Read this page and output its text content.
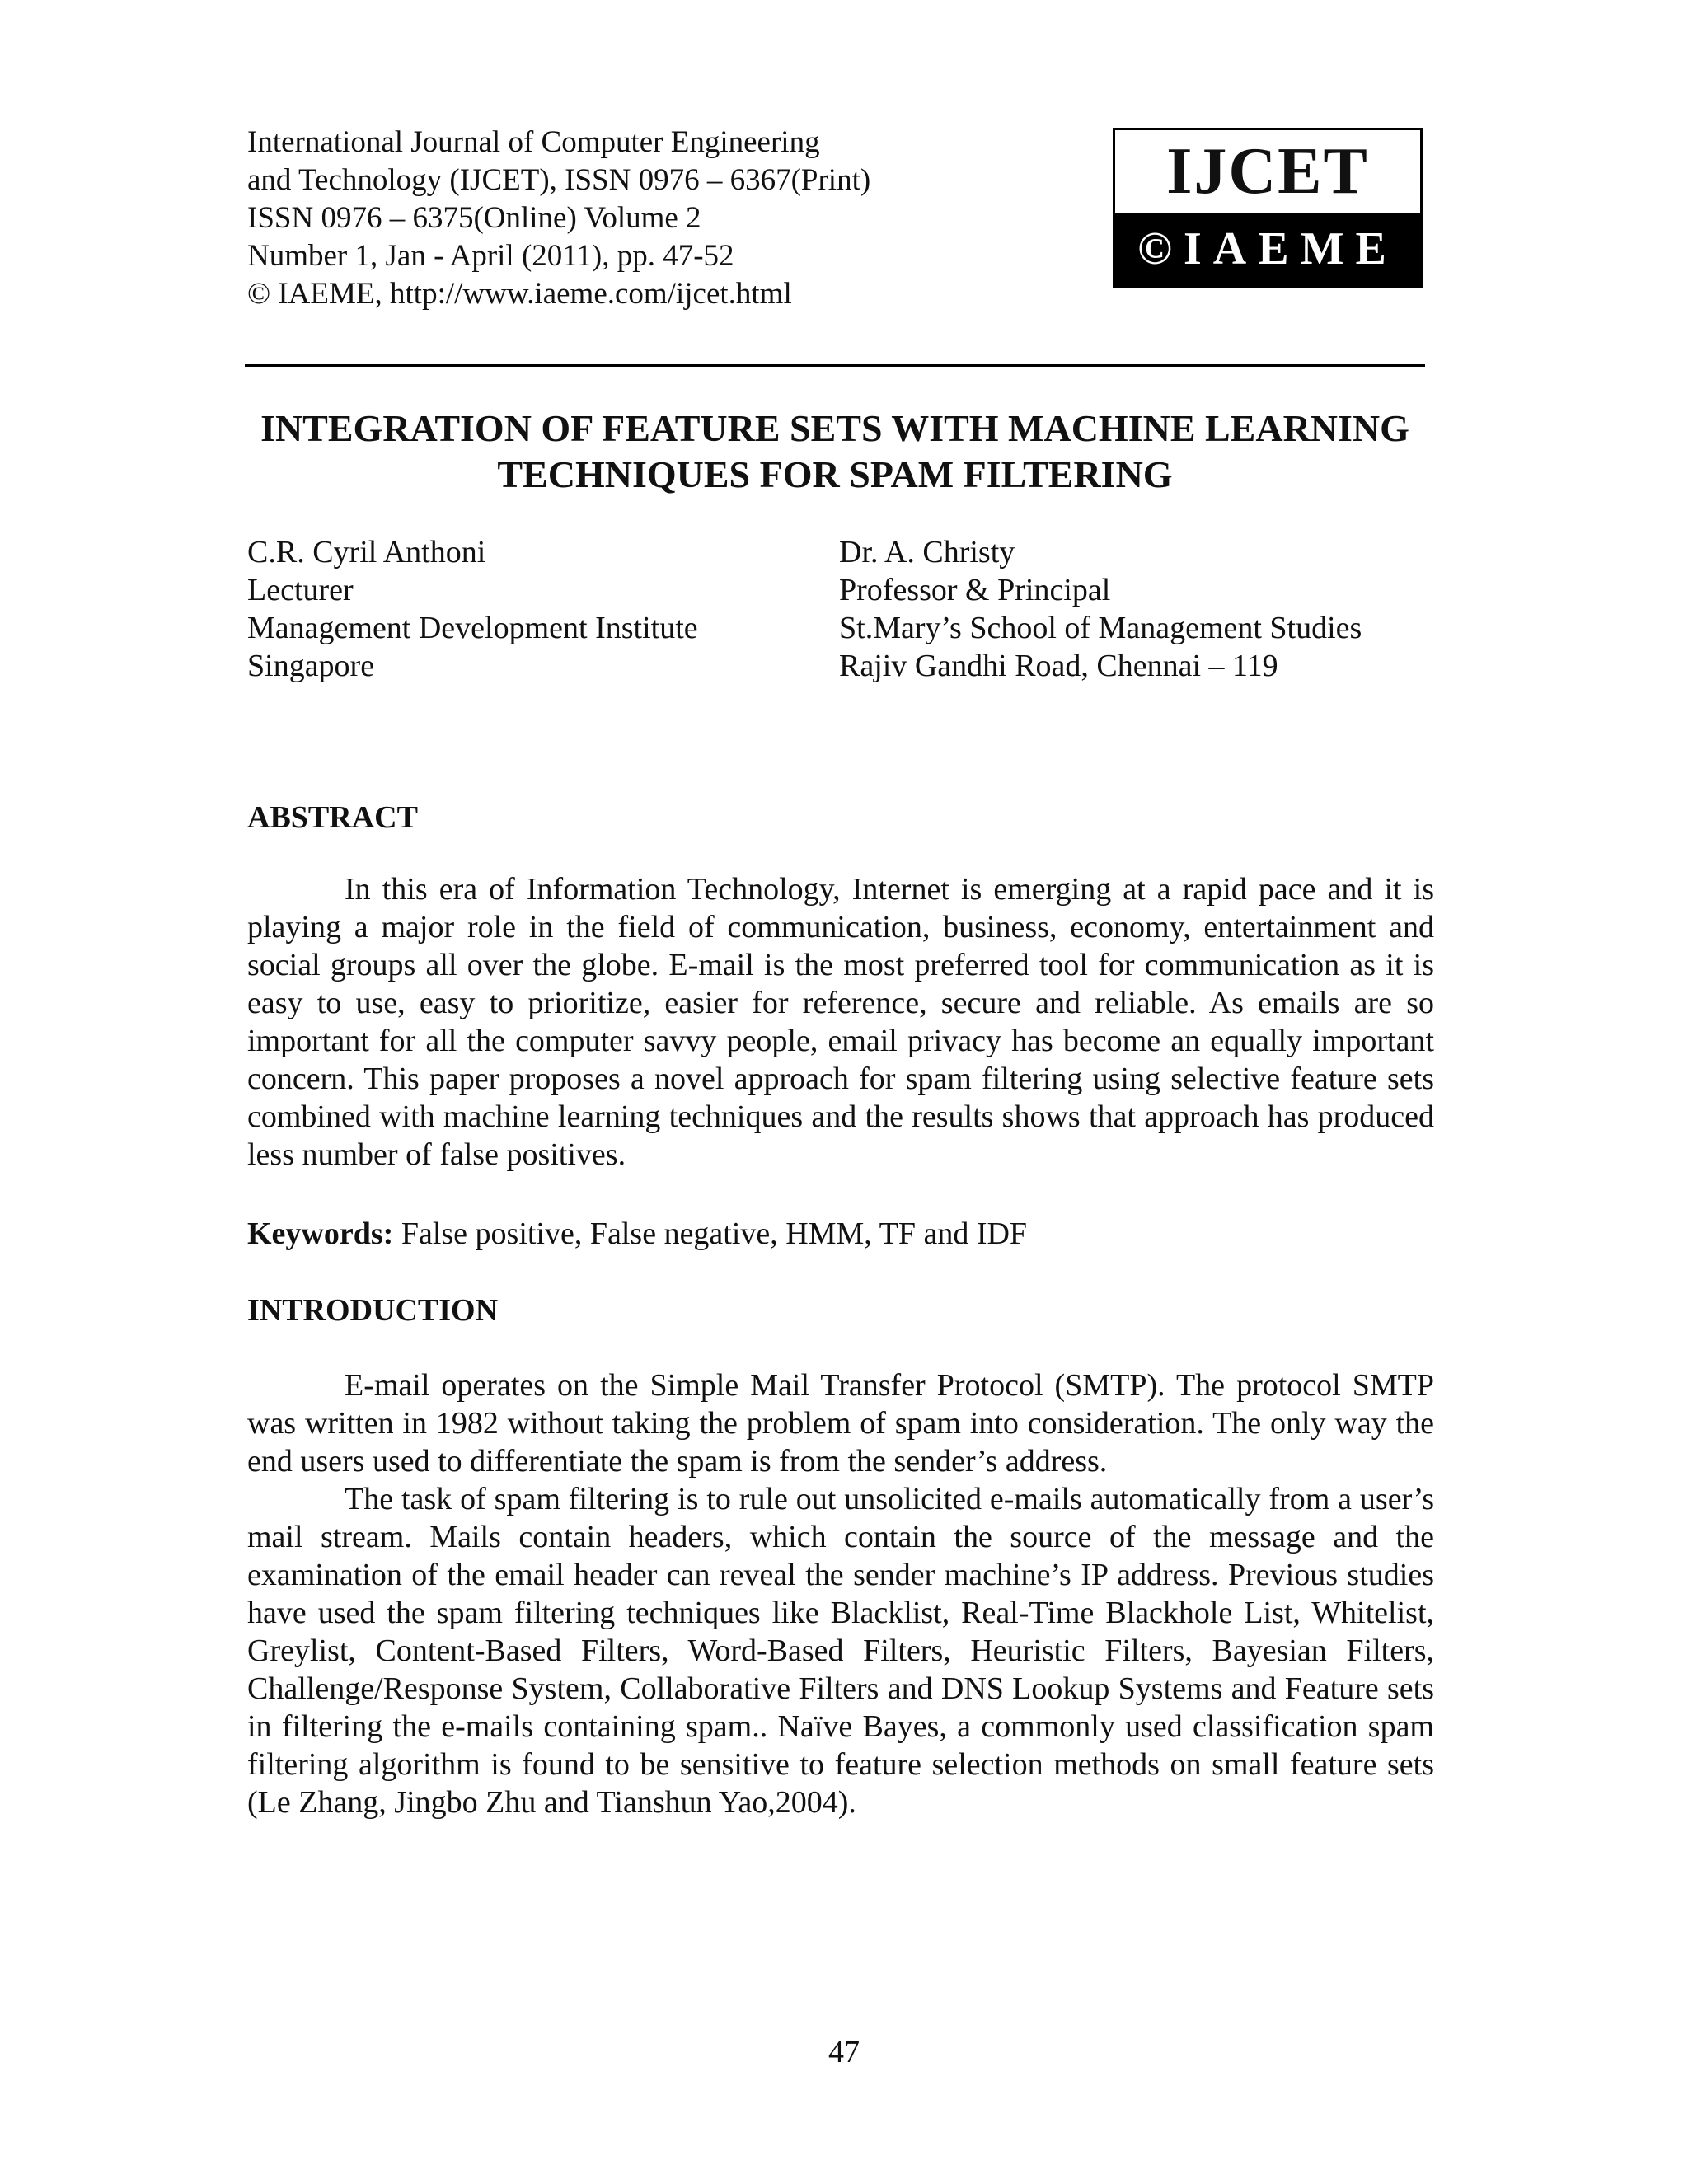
International Journal of Computer Engineering
and Technology (IJCET), ISSN 0976 – 6367(Print)
ISSN 0976 – 6375(Online) Volume 2
Number 1, Jan - April (2011), pp. 47-52
© IAEME, http://www.iaeme.com/ijcet.html
IJCET
©IAEME
INTEGRATION OF FEATURE SETS WITH MACHINE LEARNING
TECHNIQUES FOR SPAM FILTERING
C.R. Cyril Anthoni
Lecturer
Management Development Institute
Singapore
Dr. A. Christy
Professor & Principal
St.Mary’s School of Management Studies
Rajiv Gandhi Road, Chennai – 119
ABSTRACT

In this era of Information Technology, Internet is emerging at a rapid pace and it is playing a major role in the field of communication, business, economy, entertainment and social groups all over the globe. E-mail is the most preferred tool for communication as it is easy to use, easy to prioritize, easier for reference, secure and reliable. As emails are so important for all the computer savvy people, email privacy has become an equally important concern. This paper proposes a novel approach for spam filtering using selective feature sets combined with machine learning techniques and the results shows that approach has produced less number of false positives.

Keywords: False positive, False negative, HMM, TF and IDF
INTRODUCTION

E-mail operates on the Simple Mail Transfer Protocol (SMTP). The protocol SMTP was written in 1982 without taking the problem of spam into consideration. The only way the end users used to differentiate the spam is from the sender’s address.

The task of spam filtering is to rule out unsolicited e-mails automatically from a user’s mail stream. Mails contain headers, which contain the source of the message and the examination of the email header can reveal the sender machine’s IP address. Previous studies have used the spam filtering techniques like Blacklist, Real-Time Blackhole List, Whitelist, Greylist, Content-Based Filters, Word-Based Filters, Heuristic Filters, Bayesian Filters, Challenge/Response System, Collaborative Filters and DNS Lookup Systems and Feature sets in filtering the e-mails containing spam.. Naïve Bayes, a commonly used classification spam filtering algorithm is found to be sensitive to feature selection methods on small feature sets (Le Zhang, Jingbo Zhu and Tianshun Yao,2004).

47
